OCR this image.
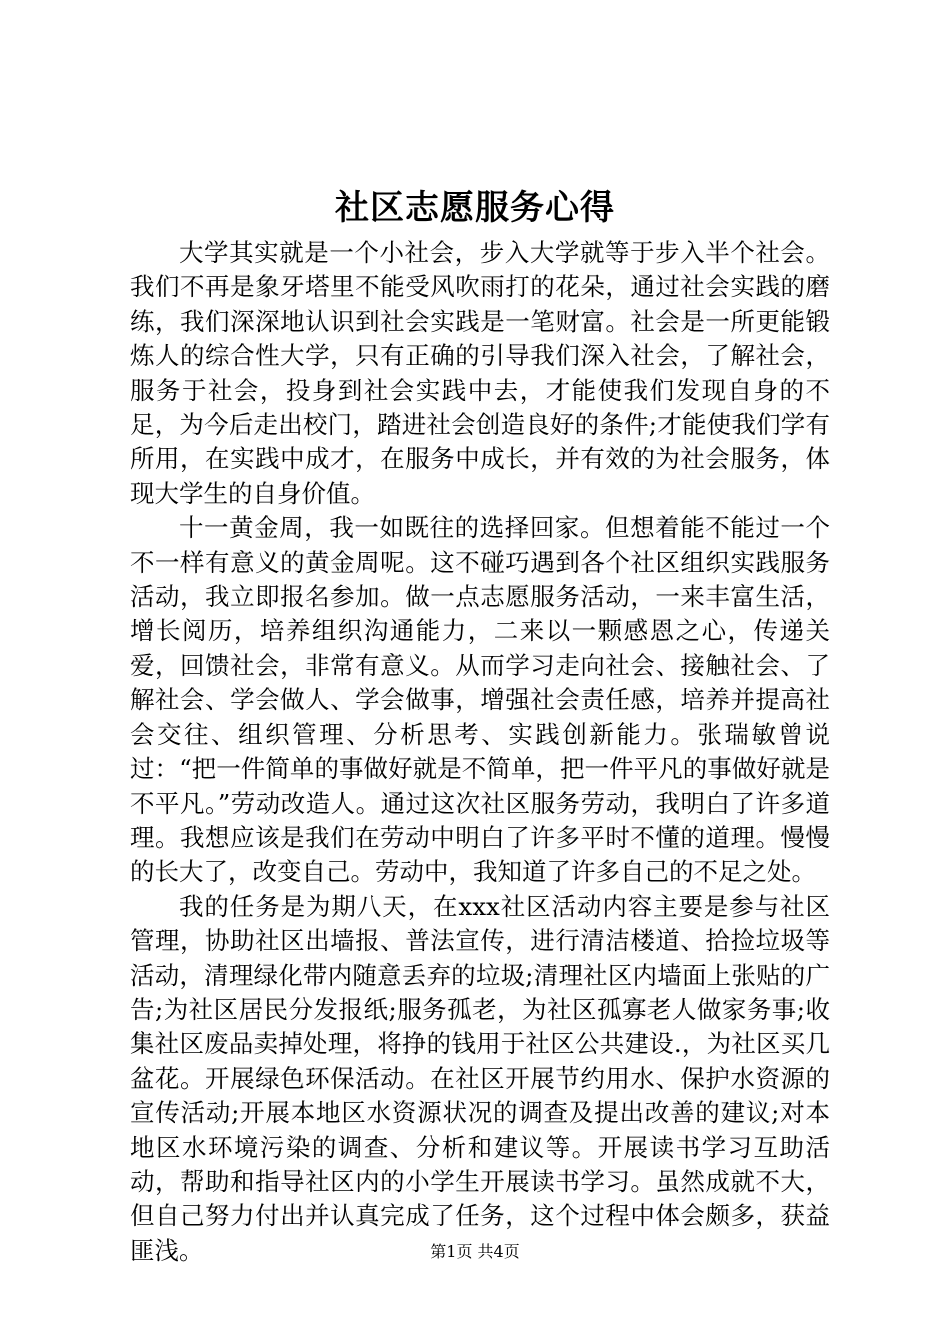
社区志愿服务心得

大学其实就是一个小社会，步入大学就等于步入半个社会。我们不再是象牙塔里不能受风吹雨打的花朵，通过社会实践的磨练，我们深深地认识到社会实践是一笔财富。社会是一所更能锻炼人的综合性大学，只有正确的引导我们深入社会，了解社会，服务于社会，投身到社会实践中去，才能使我们发现自身的不足，为今后走出校门，踏进社会创造良好的条件;才能使我们学有所用，在实践中成才，在服务中成长，并有效的为社会服务，体现大学生的自身价值。

十一黄金周，我一如既往的选择回家。但想着能不能过一个不一样有意义的黄金周呢。这不碰巧遇到各个社区组织实践服务活动，我立即报名参加。做一点志愿服务活动，一来丰富生活，增长阅历，培养组织沟通能力，二来以一颗感恩之心，传递关爱，回馈社会，非常有意义。从而学习走向社会、接触社会、了解社会、学会做人、学会做事，增强社会责任感，培养并提高社会交往、组织管理、分析思考、实践创新能力。张瑞敏曾说过：“把一件简单的事做好就是不简单，把一件平凡的事做好就是不平凡。”劳动改造人。通过这次社区服务劳动，我明白了许多道理。我想应该是我们在劳动中明白了许多平时不懂的道理。慢慢的长大了，改变自己。劳动中，我知道了许多自己的不足之处。

我的任务是为期八天，在xxx社区活动内容主要是参与社区管理，协助社区出墙报、普法宣传，进行清洁楼道、拾捡垃圾等活动，清理绿化带内随意丢弃的垃圾;清理社区内墙面上张贴的广告;为社区居民分发报纸;服务孤老，为社区孤寡老人做家务事;收集社区废品卖掉处理，将挣的钱用于社区公共建设.，为社区买几盆花。开展绿色环保活动。在社区开展节约用水、保护水资源的宣传活动;开展本地区水资源状况的调查及提出改善的建议;对本地区水环境污染的调查、分析和建议等。开展读书学习互助活动，帮助和指导社区内的小学生开展读书学习。虽然成就不大，但自己努力付出并认真完成了任务，这个过程中体会颇多，获益匪浅。	第1页 共4页
